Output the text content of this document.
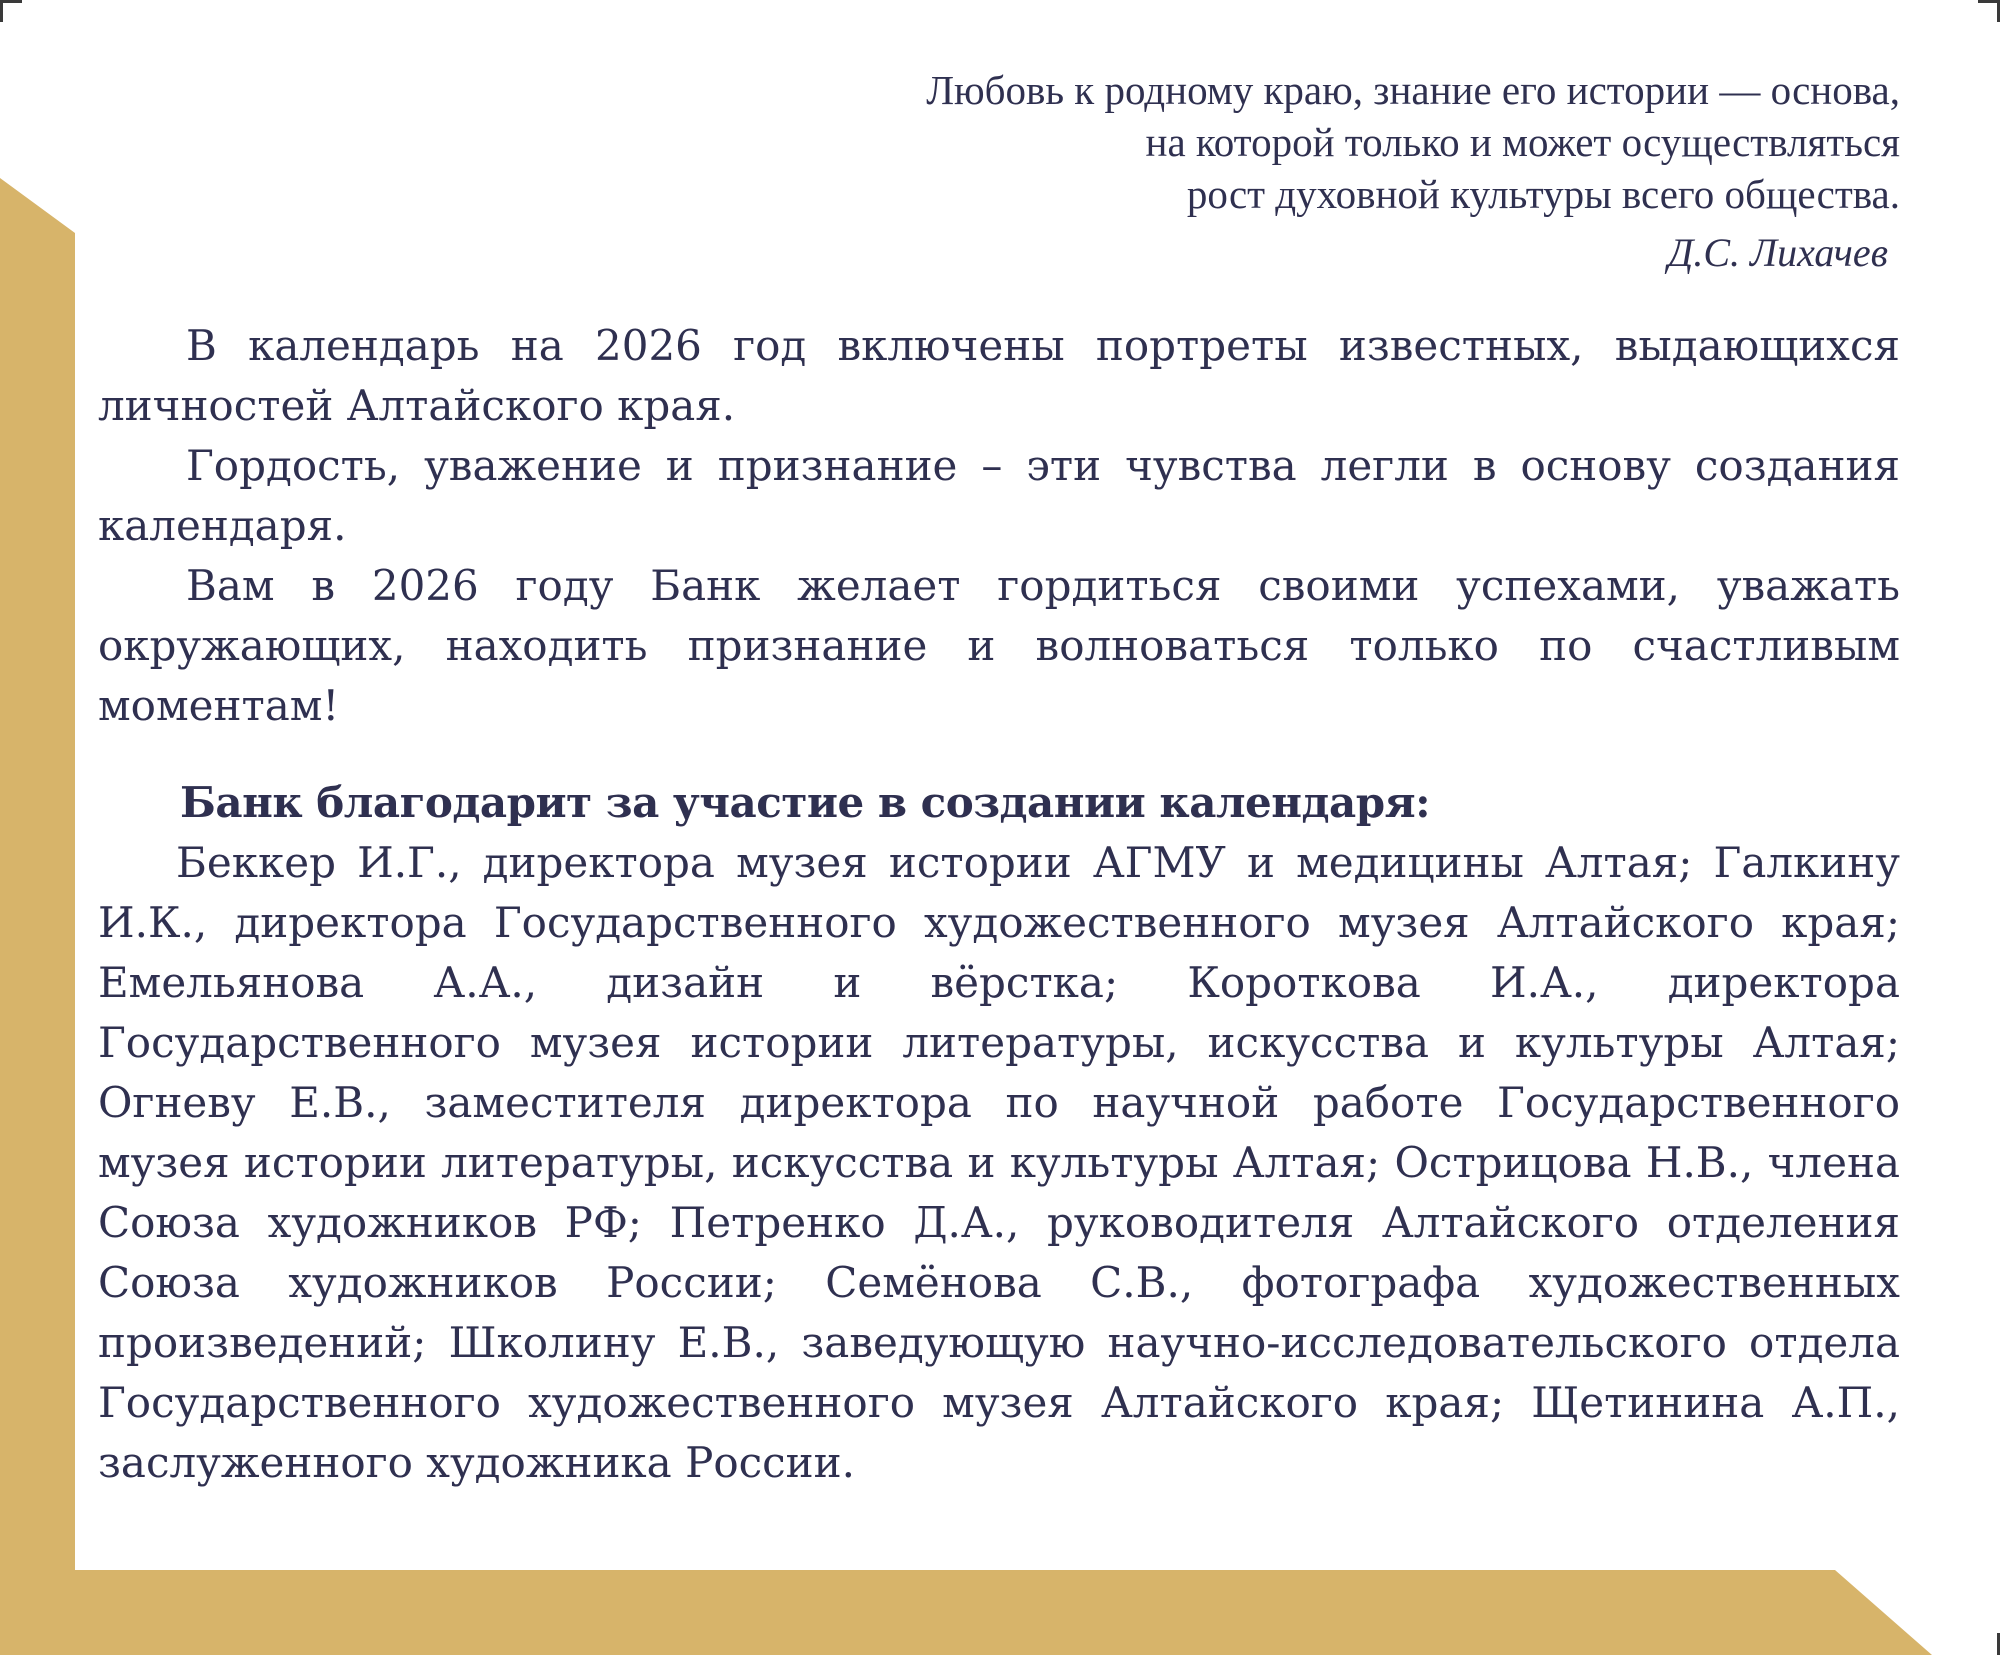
Любовь к родному краю, знание его истории — основа,
на которой только и может осуществляться
рост духовной культуры всего общества.
Д.С. Лихачев

В календарь на 2026 год включены портреты известных, выдающихся личностей Алтайского края.

Гордость, уважение и признание – эти чувства легли в основу создания календаря.

Вам в 2026 году Банк желает гордиться своими успехами, уважать окружающих, находить признание и волноваться только по счастливым моментам!

Банк благодарит за участие в создании календаря:

Беккер И.Г., директора музея истории АГМУ и медицины Алтая; Галкину И.К., директора Государственного художественного музея Алтайского края; Емельянова А.А., дизайн и вёрстка; Короткова И.А., директора Государственного музея истории литературы, искусства и культуры Алтая; Огневу Е.В., заместителя директора по научной работе Государственного музея истории литературы, искусства и культуры Алтая; Острицова Н.В., члена Союза художников РФ; Петренко Д.А., руководителя Алтайского отделения Союза художников России; Семёнова С.В., фотографа художественных произведений; Школину Е.В., заведующую научно-исследовательского отдела Государственного художественного музея Алтайского края; Щетинина А.П., заслуженного художника России.
